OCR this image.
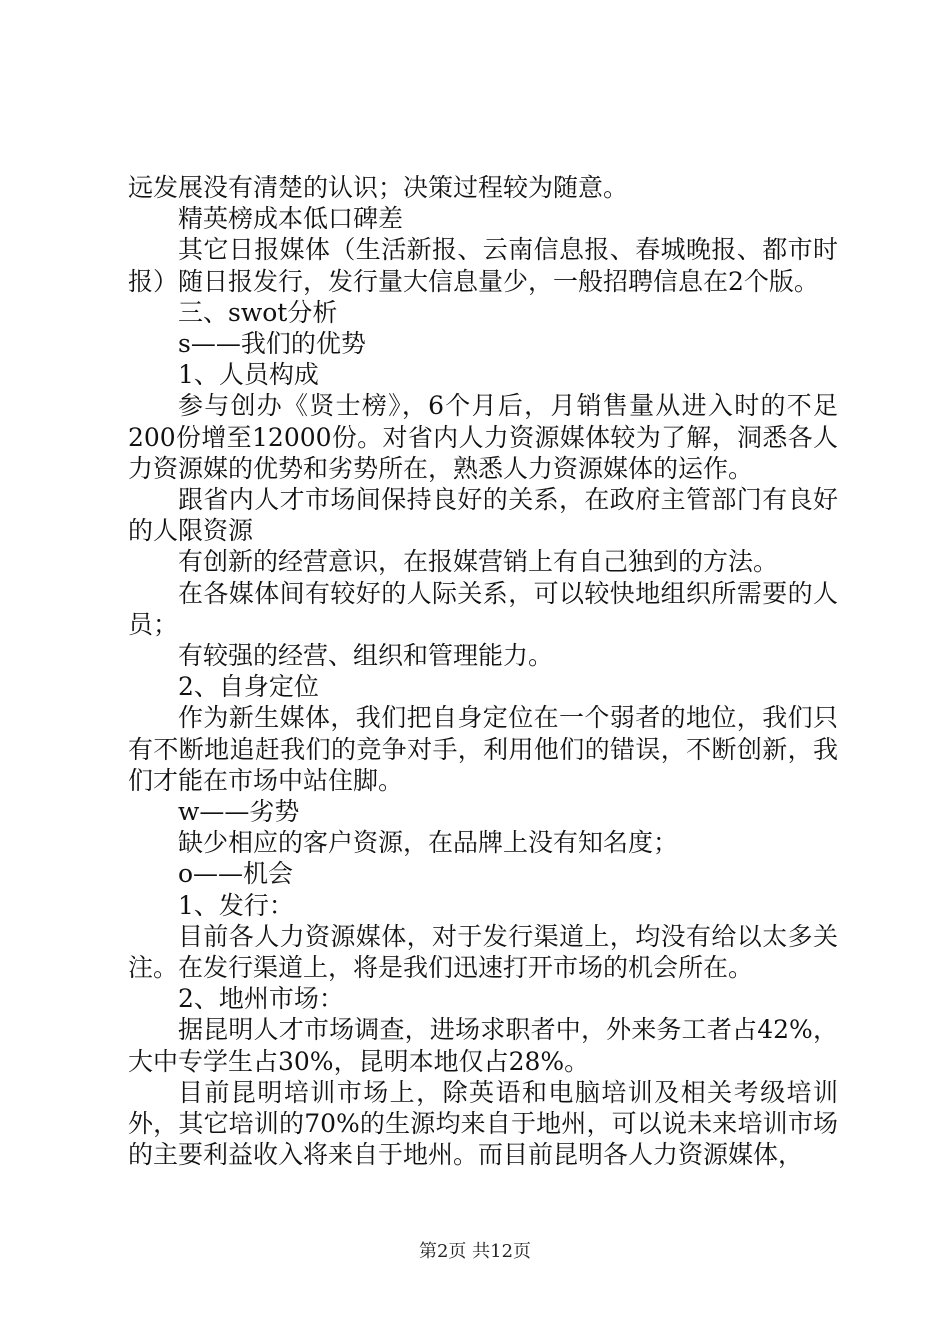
远发展没有清楚的认识；决策过程较为随意。

精英榜成本低口碑差

其它日报媒体（生活新报、云南信息报、春城晚报、都市时报）随日报发行，发行量大信息量少，一般招聘信息在2个版。

三、swot分析

s——我们的优势

1、人员构成

参与创办《贤士榜》，6个月后，月销售量从进入时的不足200份增至12000份。对省内人力资源媒体较为了解，洞悉各人力资源媒的优势和劣势所在，熟悉人力资源媒体的运作。

跟省内人才市场间保持良好的关系，在政府主管部门有良好的人限资源

有创新的经营意识，在报媒营销上有自己独到的方法。

在各媒体间有较好的人际关系，可以较快地组织所需要的人员；

有较强的经营、组织和管理能力。

2、自身定位

作为新生媒体，我们把自身定位在一个弱者的地位，我们只有不断地追赶我们的竞争对手，利用他们的错误，不断创新，我们才能在市场中站住脚。

w——劣势

缺少相应的客户资源，在品牌上没有知名度；

o——机会

1、发行：

目前各人力资源媒体，对于发行渠道上，均没有给以太多关注。在发行渠道上，将是我们迅速打开市场的机会所在。

2、地州市场：

据昆明人才市场调查，进场求职者中，外来务工者占42%，大中专学生占30%，昆明本地仅占28%。

目前昆明培训市场上，除英语和电脑培训及相关考级培训外，其它培训的70%的生源均来自于地州，可以说未来培训市场的主要利益收入将来自于地州。而目前昆明各人力资源媒体，

第2页 共12页
